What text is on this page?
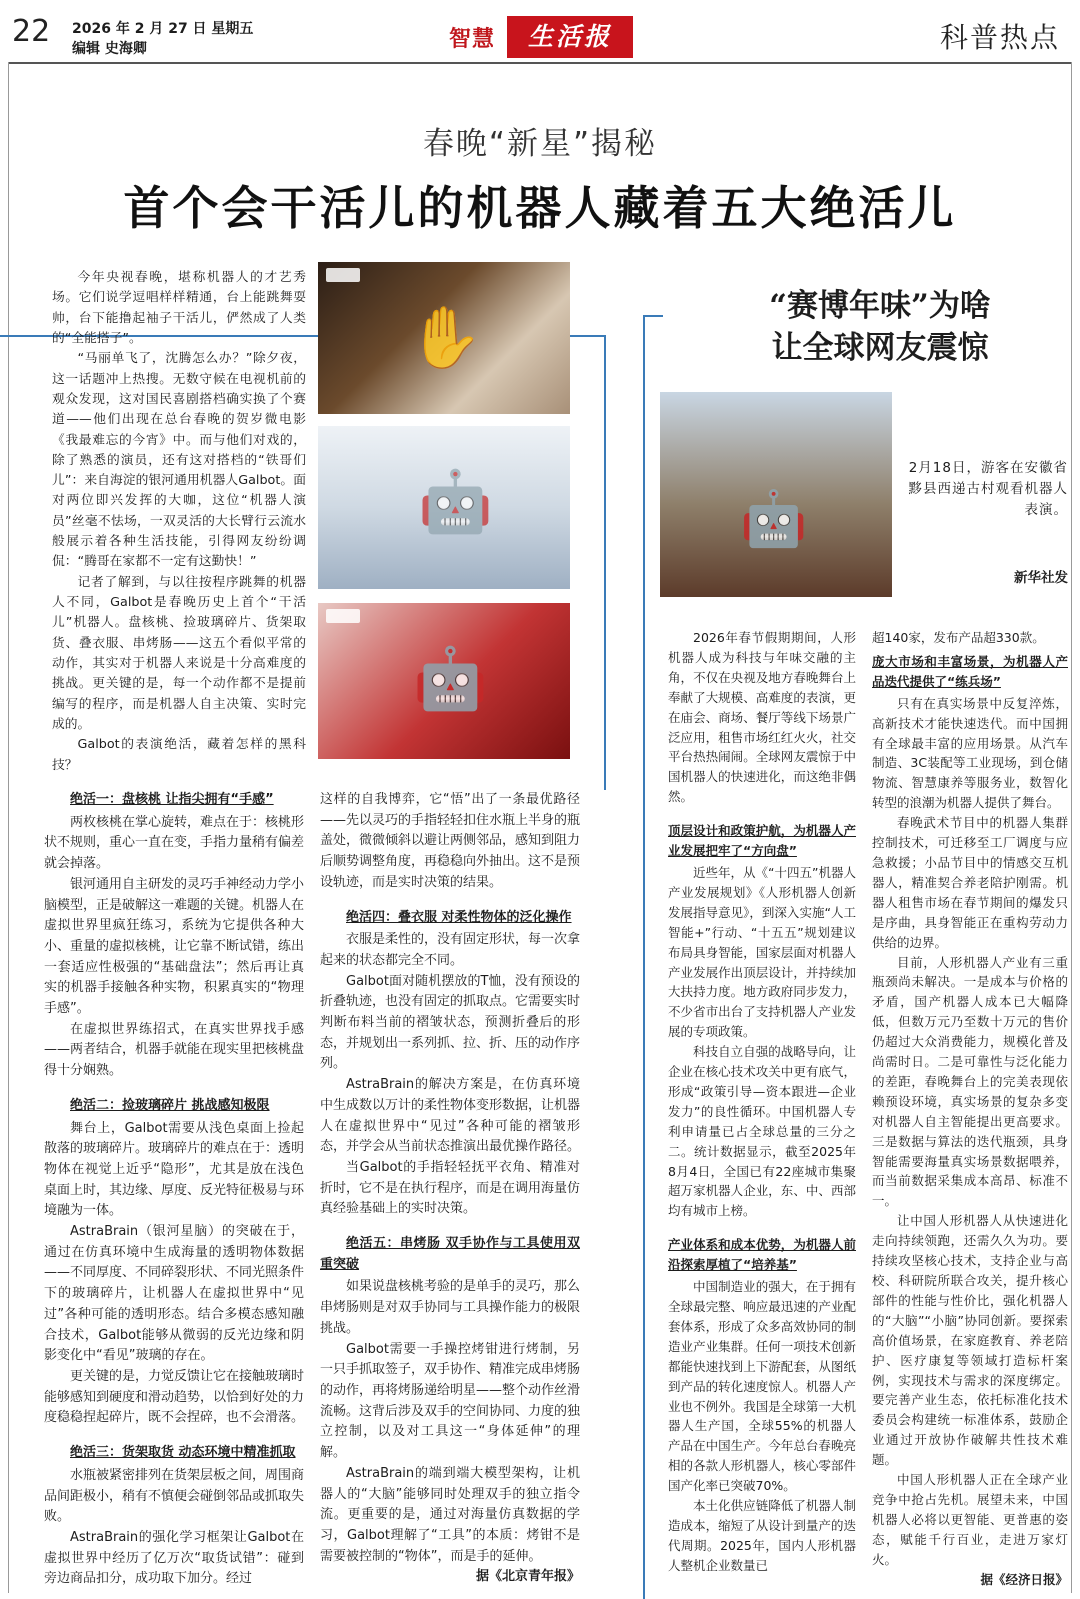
22 2026 年 2 月 27 日 星期五
编辑 史海卿	智慧	生活报	科普热点
春晚“新星”揭秘
首个会干活儿的机器人藏着五大绝活儿
“赛博年味”为啥
让全球网友震惊

今年央视春晚，堪称机器人的才艺秀场。它们说学逗唱样样精通，台上能跳舞耍帅，台下能撸起袖子干活儿，俨然成了人类的“全能搭子”。

“马丽单飞了，沈腾怎么办？”除夕夜，这一话题冲上热搜。无数守候在电视机前的观众发现，这对国民喜剧搭档确实换了个赛道——他们出现在总台春晚的贺岁微电影《我最难忘的今宵》中。而与他们对戏的，除了熟悉的演员，还有这对搭档的“铁哥们儿”：来自海淀的银河通用机器人Galbot。面对两位即兴发挥的大咖，这位“机器人演员”丝毫不怯场，一双灵活的大长臂行云流水般展示着各种生活技能，引得网友纷纷调侃：“腾哥在家都不一定有这勤快！”

记者了解到，与以往按程序跳舞的机器人不同，Galbot是春晚历史上首个“干活儿”机器人。盘核桃、捡玻璃碎片、货架取货、叠衣服、串烤肠——这五个看似平常的动作，其实对于机器人来说是十分高难度的挑战。更关键的是，每一个动作都不是提前编写的程序，而是机器人自主决策、实时完成的。

Galbot的表演绝活，藏着怎样的黑科技？

✋
🤖
🤖
🤖
2月18日，游客在安徽省黟县西递古村观看机器人表演。
新华社发
绝活一：盘核桃 让指尖拥有“手感”

两枚核桃在掌心旋转，难点在于：核桃形状不规则，重心一直在变，手指力量稍有偏差就会掉落。

银河通用自主研发的灵巧手神经动力学小脑模型，正是破解这一难题的关键。机器人在虚拟世界里疯狂练习，系统为它提供各种大小、重量的虚拟核桃，让它靠不断试错，练出一套适应性极强的“基础盘法”；然后再让真实的机器手接触各种实物，积累真实的“物理手感”。

在虚拟世界练招式，在真实世界找手感——两者结合，机器手就能在现实里把核桃盘得十分娴熟。

绝活二：捡玻璃碎片 挑战感知极限

舞台上，Galbot需要从浅色桌面上捡起散落的玻璃碎片。玻璃碎片的难点在于：透明物体在视觉上近乎“隐形”，尤其是放在浅色桌面上时，其边缘、厚度、反光特征极易与环境融为一体。

AstraBrain（银河星脑）的突破在于，通过在仿真环境中生成海量的透明物体数据——不同厚度、不同碎裂形状、不同光照条件下的玻璃碎片，让机器人在虚拟世界中“见过”各种可能的透明形态。结合多模态感知融合技术，Galbot能够从微弱的反光边缘和阴影变化中“看见”玻璃的存在。

更关键的是，力觉反馈让它在接触玻璃时能够感知到硬度和滑动趋势，以恰到好处的力度稳稳捏起碎片，既不会捏碎，也不会滑落。

绝活三：货架取货 动态环境中精准抓取

水瓶被紧密排列在货架层板之间，周围商品间距极小，稍有不慎便会碰倒邻品或抓取失败。

AstraBrain的强化学习框架让Galbot在虚拟世界中经历了亿万次“取货试错”：碰到旁边商品扣分，成功取下加分。经过

这样的自我博弈，它“悟”出了一条最优路径——先以灵巧的手指轻轻扣住水瓶上半身的瓶盖处，微微倾斜以避让两侧邻品，感知到阻力后顺势调整角度，再稳稳向外抽出。这不是预设轨迹，而是实时决策的结果。

绝活四：叠衣服 对柔性物体的泛化操作

衣服是柔性的，没有固定形状，每一次拿起来的状态都完全不同。

Galbot面对随机摆放的T恤，没有预设的折叠轨迹，也没有固定的抓取点。它需要实时判断布料当前的褶皱状态，预测折叠后的形态，并规划出一系列抓、拉、折、压的动作序列。

AstraBrain的解决方案是，在仿真环境中生成数以万计的柔性物体变形数据，让机器人在虚拟世界中“见过”各种可能的褶皱形态，并学会从当前状态推演出最优操作路径。

当Galbot的手指轻轻抚平衣角、精准对折时，它不是在执行程序，而是在调用海量仿真经验基础上的实时决策。

绝活五：串烤肠 双手协作与工具使用双重突破

如果说盘核桃考验的是单手的灵巧，那么串烤肠则是对双手协同与工具操作能力的极限挑战。

Galbot需要一手操控烤钳进行烤制，另一只手抓取签子，双手协作、精准完成串烤肠的动作，再将烤肠递给明星——整个动作丝滑流畅。这背后涉及双手的空间协同、力度的独立控制，以及对工具这一“身体延伸”的理解。

AstraBrain的端到端大模型架构，让机器人的“大脑”能够同时处理双手的独立指令流。更重要的是，通过对海量仿真数据的学习，Galbot理解了“工具”的本质：烤钳不是需要被控制的“物体”，而是手的延伸。

据《北京青年报》

2026年春节假期期间，人形机器人成为科技与年味交融的主角，不仅在央视及地方春晚舞台上奉献了大规模、高难度的表演，更在庙会、商场、餐厅等线下场景广泛应用，租售市场红红火火，社交平台热热闹闹。全球网友震惊于中国机器人的快速进化，而这绝非偶然。

顶层设计和政策护航，为机器人产业发展把牢了“方向盘”

近些年，从《“十四五”机器人产业发展规划》《人形机器人创新发展指导意见》，到深入实施“人工智能+”行动、“十五五”规划建议布局具身智能，国家层面对机器人产业发展作出顶层设计，并持续加大扶持力度。地方政府同步发力，不少省市出台了支持机器人产业发展的专项政策。

科技自立自强的战略导向，让企业在核心技术攻关中更有底气，形成“政策引导—资本跟进—企业发力”的良性循环。中国机器人专利申请量已占全球总量的三分之二。统计数据显示，截至2025年8月4日，全国已有22座城市集聚超万家机器人企业，东、中、西部均有城市上榜。

产业体系和成本优势，为机器人前沿探索厚植了“培养基”

中国制造业的强大，在于拥有全球最完整、响应最迅速的产业配套体系，形成了众多高效协同的制造业产业集群。任何一项技术创新都能快速找到上下游配套，从图纸到产品的转化速度惊人。机器人产业也不例外。我国是全球第一大机器人生产国，全球55%的机器人产品在中国生产。今年总台春晚亮相的各款人形机器人，核心零部件国产化率已突破70%。

本土化供应链降低了机器人制造成本，缩短了从设计到量产的迭代周期。2025年，国内人形机器人整机企业数量已

超140家，发布产品超330款。

庞大市场和丰富场景，为机器人产品迭代提供了“练兵场”

只有在真实场景中反复淬炼，高新技术才能快速迭代。而中国拥有全球最丰富的应用场景。从汽车制造、3C装配等工业现场，到仓储物流、智慧康养等服务业，数智化转型的浪潮为机器人提供了舞台。

春晚武术节目中的机器人集群控制技术，可迁移至工厂调度与应急救援；小品节目中的情感交互机器人，精准契合养老陪护刚需。机器人租售市场在春节期间的爆发只是序曲，具身智能正在重构劳动力供给的边界。

目前，人形机器人产业有三重瓶颈尚未解决。一是成本与价格的矛盾，国产机器人成本已大幅降低，但数万元乃至数十万元的售价仍超过大众消费能力，规模化普及尚需时日。二是可靠性与泛化能力的差距，春晚舞台上的完美表现依赖预设环境，真实场景的复杂多变对机器人自主智能提出更高要求。三是数据与算法的迭代瓶颈，具身智能需要海量真实场景数据喂养，而当前数据采集成本高昂、标准不一。

让中国人形机器人从快速进化走向持续领跑，还需久久为功。要持续攻坚核心技术，支持企业与高校、科研院所联合攻关，提升核心部件的性能与性价比，强化机器人的“大脑”“小脑”协同创新。要探索高价值场景，在家庭教育、养老陪护、医疗康复等领域打造标杆案例，实现技术与需求的深度绑定。要完善产业生态，依托标准化技术委员会构建统一标准体系，鼓励企业通过开放协作破解共性技术难题。

中国人形机器人正在全球产业竞争中抢占先机。展望未来，中国机器人必将以更智能、更普惠的姿态，赋能千行百业，走进万家灯火。

据《经济日报》
